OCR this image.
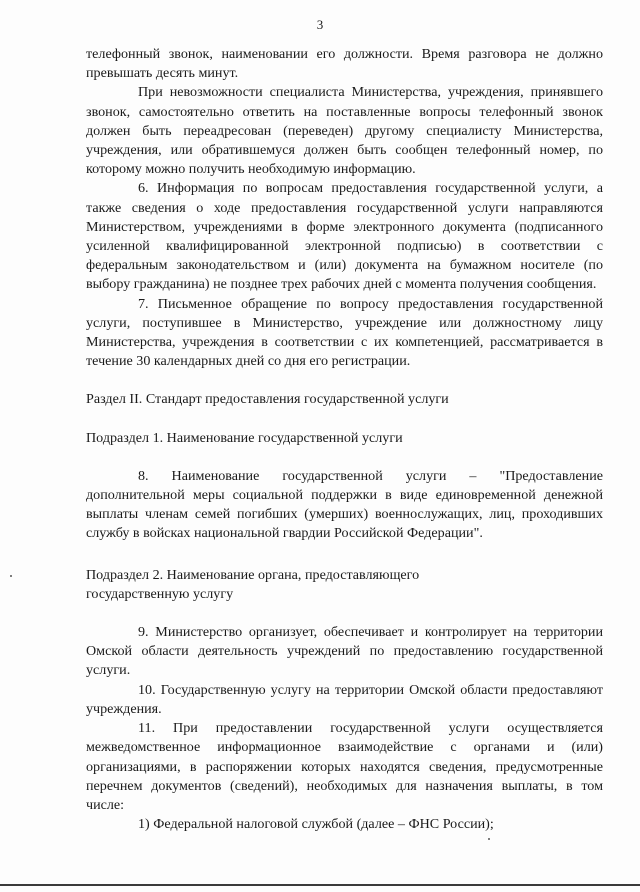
3

телефонный звонок, наименовании его должности. Время разговора не должно превышать десять минут.

При невозможности специалиста Министерства, учреждения, принявшего звонок, самостоятельно ответить на поставленные вопросы телефонный звонок должен быть переадресован (переведен) другому специалисту Министерства, учреждения, или обратившемуся должен быть сообщен телефонный номер, по которому можно получить необходимую информацию.

6. Информация по вопросам предоставления государственной услуги, а также сведения о ходе предоставления государственной услуги направляются Министерством, учреждениями в форме электронного документа (подписанного усиленной квалифицированной электронной подписью) в соответствии с федеральным законодательством и (или) документа на бумажном носителе (по выбору гражданина) не позднее трех рабочих дней с момента получения сообщения.

7. Письменное обращение по вопросу предоставления государственной услуги, поступившее в Министерство, учреждение или должностному лицу Министерства, учреждения в соответствии с их компетенцией, рассматривается в течение 30 календарных дней со дня его регистрации.

Раздел II. Стандарт предоставления государственной услуги

Подраздел 1. Наименование государственной услуги

8. Наименование государственной услуги – "Предоставление дополнительной меры социальной поддержки в виде единовременной денежной выплаты членам семей погибших (умерших) военнослужащих, лиц, проходивших службу в войсках национальной гвардии Российской Федерации".

Подраздел 2. Наименование органа, предоставляющего

государственную услугу

9. Министерство организует, обеспечивает и контролирует на территории Омской области деятельность учреждений по предоставлению государственной услуги.

10. Государственную услугу на территории Омской области предоставляют учреждения.

11. При предоставлении государственной услуги осуществляется межведомственное информационное взаимодействие с органами и (или) организациями, в распоряжении которых находятся сведения, предусмотренные перечнем документов (сведений), необходимых для назначения выплаты, в том числе:

1) Федеральной налоговой службой (далее – ФНС России);
